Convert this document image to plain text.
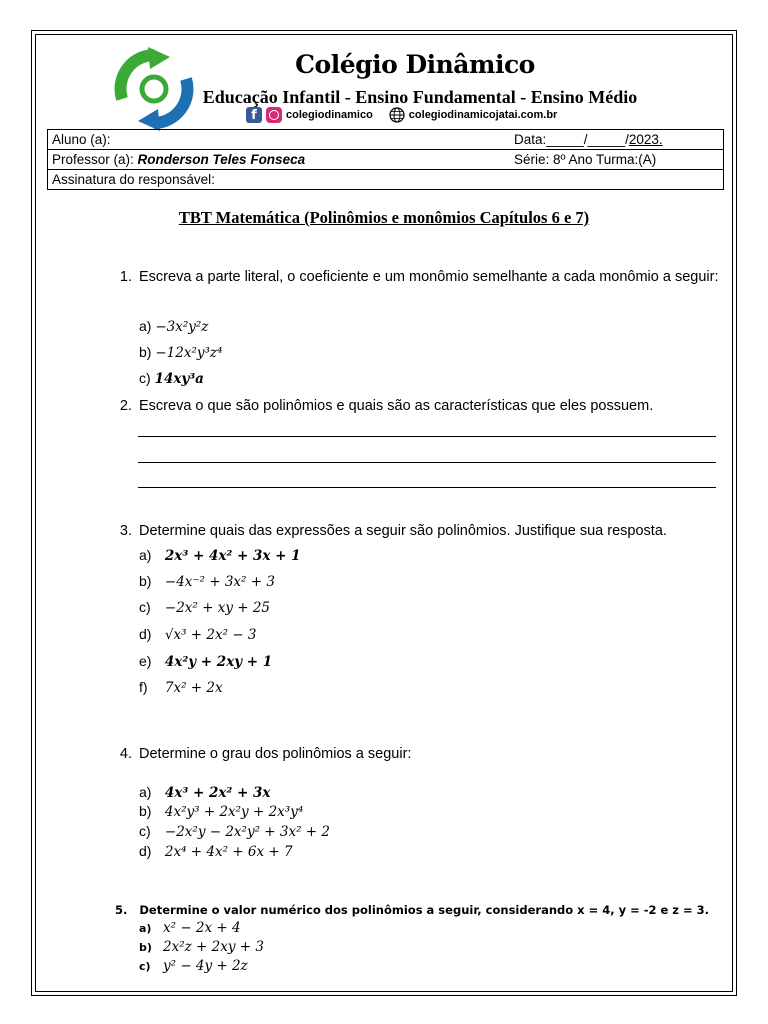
Colégio Dinâmico
Educação Infantil - Ensino Fundamental - Ensino Médio
f	colegiodinamico	colegiodinamicojatai.com.br
Aluno (a):	Data:_____/_____/2023.

Professor (a): Ronderson Teles Fonseca	Série: 8º Ano Turma:(A)

Assinatura do responsável:
TBT Matemática (Polinômios e monômios Capítulos 6 e 7)
1. Escreva a parte literal, o coeficiente e um monômio semelhante a cada monômio a seguir:
a) −3x²y²z
b) −12x²y³z⁴
c) 14xy³a
2. Escreva o que são polinômios e quais são as características que eles possuem.
3. Determine quais das expressões a seguir são polinômios. Justifique sua resposta.
a) 2x³ + 4x² + 3x + 1
b) −4x⁻² + 3x² + 3
c) −2x² + xy + 25
d) √x³ + 2x² − 3
e) 4x²y + 2xy + 1
f) 7x² + 2x
4. Determine o grau dos polinômios a seguir:
a) 4x³ + 2x² + 3x
b) 4x²y³ + 2x²y + 2x³y⁴
c) −2x²y − 2x²y² + 3x² + 2
d) 2x⁴ + 4x² + 6x + 7
5. Determine o valor numérico dos polinômios a seguir, considerando x = 4, y = -2 e z = 3.
a) x² − 2x + 4
b) 2x²z + 2xy + 3
c) y² − 4y + 2z
